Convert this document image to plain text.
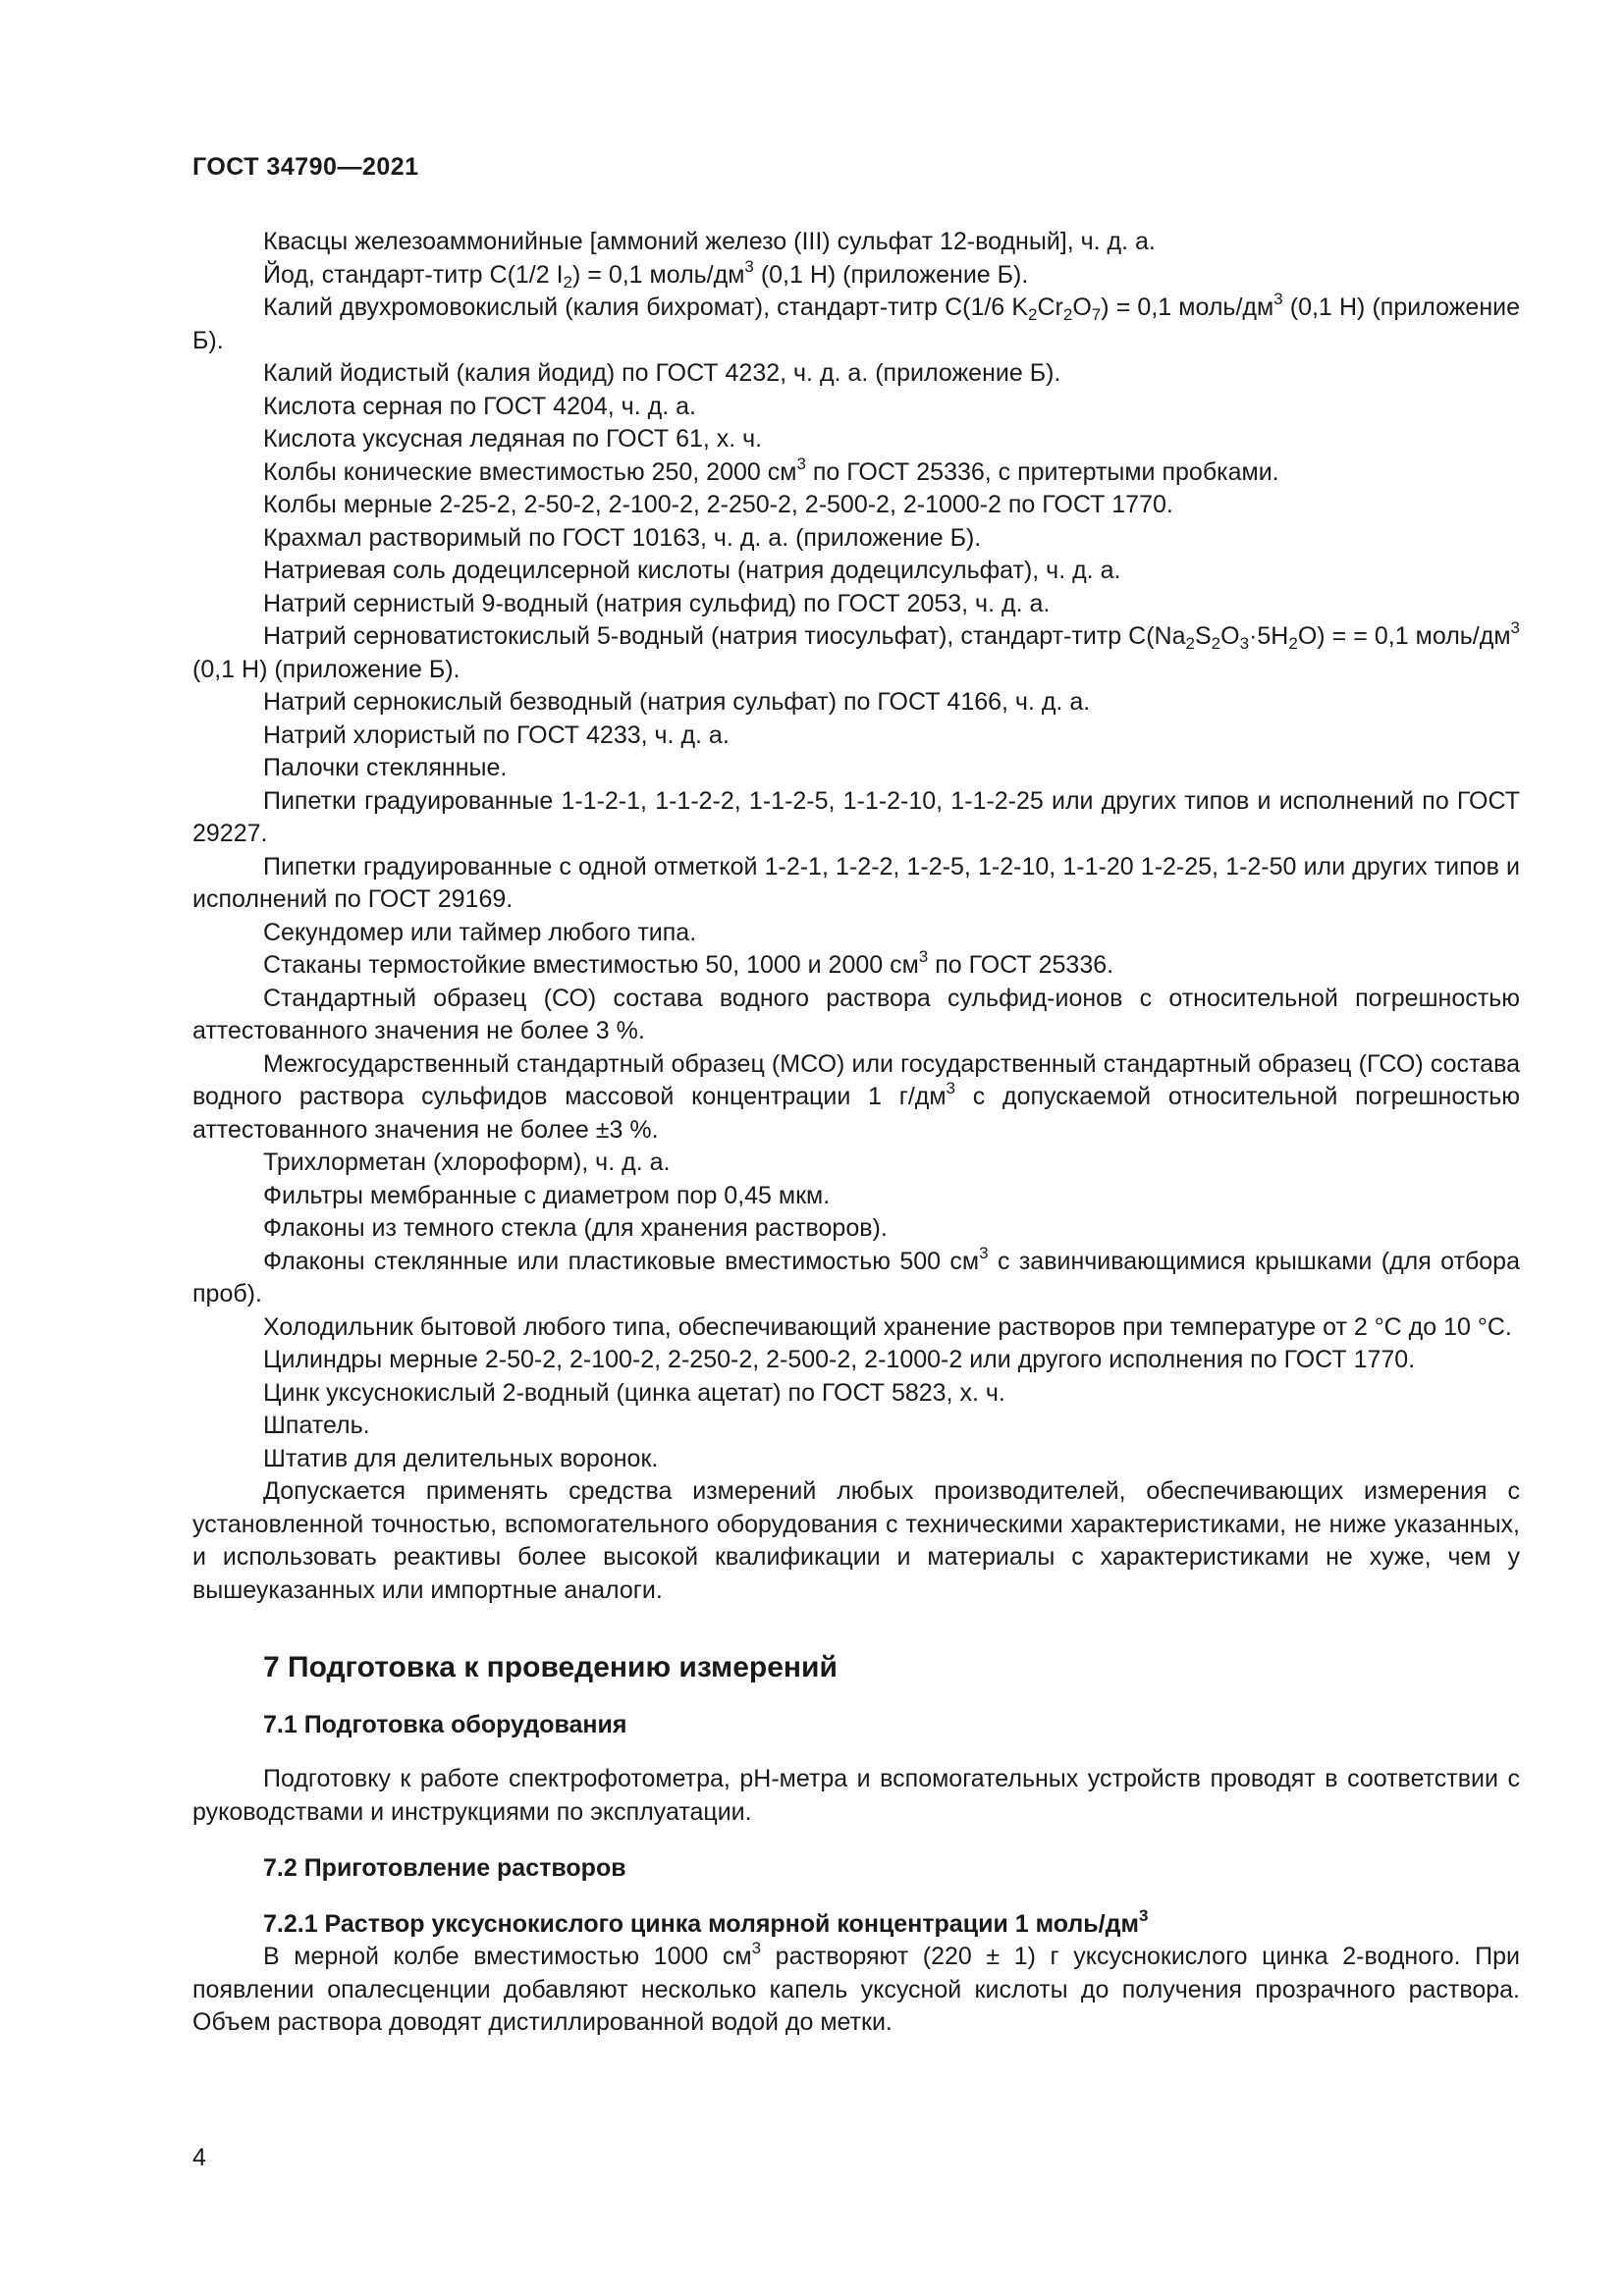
ГОСТ 34790—2021

Квасцы железоаммонийные [аммоний железо (III) сульфат 12-водный], ч. д. а.

Йод, стандарт-титр С(1/2 $I_2) = 0,1$ моль/$дм^3$ (0,1 Н) (приложение Б).

Калий двухромовокислый (калия бихромат), стандарт-титр С(1/6 $K_2Cr_2O_7) = 0,1$ моль/$дм^3$ (0,1 Н) (приложение Б).

Калий йодистый (калия йодид) по ГОСТ 4232, ч. д. а. (приложение Б).

Кислота серная по ГОСТ 4204, ч. д. а.

Кислота уксусная ледяная по ГОСТ 61, х. ч.

Колбы конические вместимостью 250, 2000 $см^3$ по ГОСТ 25336, с притертыми пробками.

Колбы мерные 2-25-2, 2-50-2, 2-100-2, 2-250-2, 2-500-2, 2-1000-2 по ГОСТ 1770.

Крахмал растворимый по ГОСТ 10163, ч. д. а. (приложение Б).

Натриевая соль додецилсерной кислоты (натрия додецилсульфат), ч. д. а.

Натрий сернистый 9-водный (натрия сульфид) по ГОСТ 2053, ч. д. а.

Натрий серноватистокислый 5-водный (натрия тиосульфат), стандарт-титр $С(Na_2S_2O_3\cdot 5H_2O)$ = = 0,1 моль/$дм^3$ (0,1 Н) (приложение Б).

Натрий сернокислый безводный (натрия сульфат) по ГОСТ 4166, ч. д. а.

Натрий хлористый по ГОСТ 4233, ч. д. а.

Палочки стеклянные.

Пипетки градуированные 1-1-2-1, 1-1-2-2, 1-1-2-5, 1-1-2-10, 1-1-2-25 или других типов и исполнений по ГОСТ 29227.

Пипетки градуированные с одной отметкой 1-2-1, 1-2-2, 1-2-5, 1-2-10, 1-1-20 1-2-25, 1-2-50 или других типов и исполнений по ГОСТ 29169.

Секундомер или таймер любого типа.

Стаканы термостойкие вместимостью 50, 1000 и 2000 $см^3$ по ГОСТ 25336.

Стандартный образец (СО) состава водного раствора сульфид-ионов с относительной погрешностью аттестованного значения не более 3 %.

Межгосударственный стандартный образец (МСО) или государственный стандартный образец (ГСО) состава водного раствора сульфидов массовой концентрации 1 $г/дм^3$ с допускаемой относительной погрешностью аттестованного значения не более ±3 %.

Трихлорметан (хлороформ), ч. д. а.

Фильтры мембранные с диаметром пор 0,45 мкм.

Флаконы из темного стекла (для хранения растворов).

Флаконы стеклянные или пластиковые вместимостью 500 $см^3$ с завинчивающимися крышками (для отбора проб).

Холодильник бытовой любого типа, обеспечивающий хранение растворов при температуре от 2 °С до 10 °С.

Цилиндры мерные 2-50-2, 2-100-2, 2-250-2, 2-500-2, 2-1000-2 или другого исполнения по ГОСТ 1770.

Цинк уксуснокислый 2-водный (цинка ацетат) по ГОСТ 5823, х. ч.

Шпатель.

Штатив для делительных воронок.

Допускается применять средства измерений любых производителей, обеспечивающих измерения с установленной точностью, вспомогательного оборудования с техническими характеристиками, не ниже указанных, и использовать реактивы более высокой квалификации и материалы с характеристиками не хуже, чем у вышеуказанных или импортные аналоги.

7 Подготовка к проведению измерений
7.1 Подготовка оборудования

Подготовку к работе спектрофотометра, pH-метра и вспомогательных устройств проводят в соответствии с руководствами и инструкциями по эксплуатации.

7.2 Приготовление растворов
7.2.1 Раствор уксуснокислого цинка молярной концентрации 1 моль/$дм^3$

В мерной колбе вместимостью 1000 $см^3$ растворяют (220 ± 1) г уксуснокислого цинка 2-водного. При появлении опалесценции добавляют несколько капель уксусной кислоты до получения прозрачного раствора. Объем раствора доводят дистиллированной водой до метки.

4
